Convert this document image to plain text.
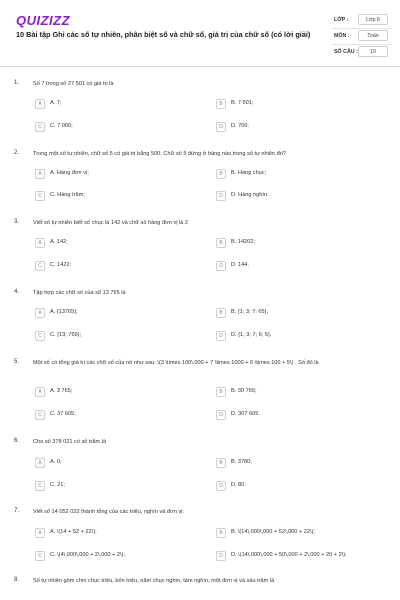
QUIZIZZ
10 Bài tập Ghi các số tự nhiên, phân biệt số và chữ số, giá trị của chữ số (có lời giải)
LỚP :	Lớp 6
MÔN :	Toán
SỐ CÂU :	10
1. Số 7 trong số 27 501 có giá trị là
A	A. 7;	B	B. 7 501;
C	C. 7 000;	D	D. 700.
2. Trong một số tự nhiên, chữ số 5 có giá trị bằng 500. Chữ số 5 đứng ở hàng nào trong số tự nhiên đó?
A	A. Hàng đơn vị;	B	B. Hàng chục;
C	C. Hàng trăm;	D	D. Hàng nghìn.
3. Viết số tự nhiên biết số chục là 142 và chữ số hàng đơn vị là 2
A	A. 142;	B	B. 14202;
C	C. 1422;	D	D. 144.
4. Tập hợp các chữ số của số 13 765 là
A	A. {13765};	B	B. {1; 3; 7; 65};
C	C. {13; 765};	D	D. {1; 3; 7; 6; 5}.
5. Một số có tổng giá trị các chữ số của nó như sau: \(3 \times 100\,000 + 7 \times 1000 + 6 \times 100 + 5\) . Số đó là
A	A. 3 765;	B	B. 30 765;
C	C. 37 605;	D	D. 307 605.
6. Cho số 378 021 có số trăm là
A	A. 0;	B	B. 3780;
C	C. 21;	D	D. 80.
7. Viết số 14 052 022 thành tổng của các triệu, nghìn và đơn vị:
A	A. \(14 + 52 + 22\);	B	B. \(14\,000\,000 + 52\,000 + 22\);
C	C. \(4\,000\,000 + 2\,000 + 2\);	D	D. \(14\,000\,000 + 50\,000 + 2\,000 + 20 + 2\);
8. Số tự nhiên gồm chín chục triệu, bốn triệu, năm chục nghìn, tám nghìn, một đơn vị và sáu trăm là
